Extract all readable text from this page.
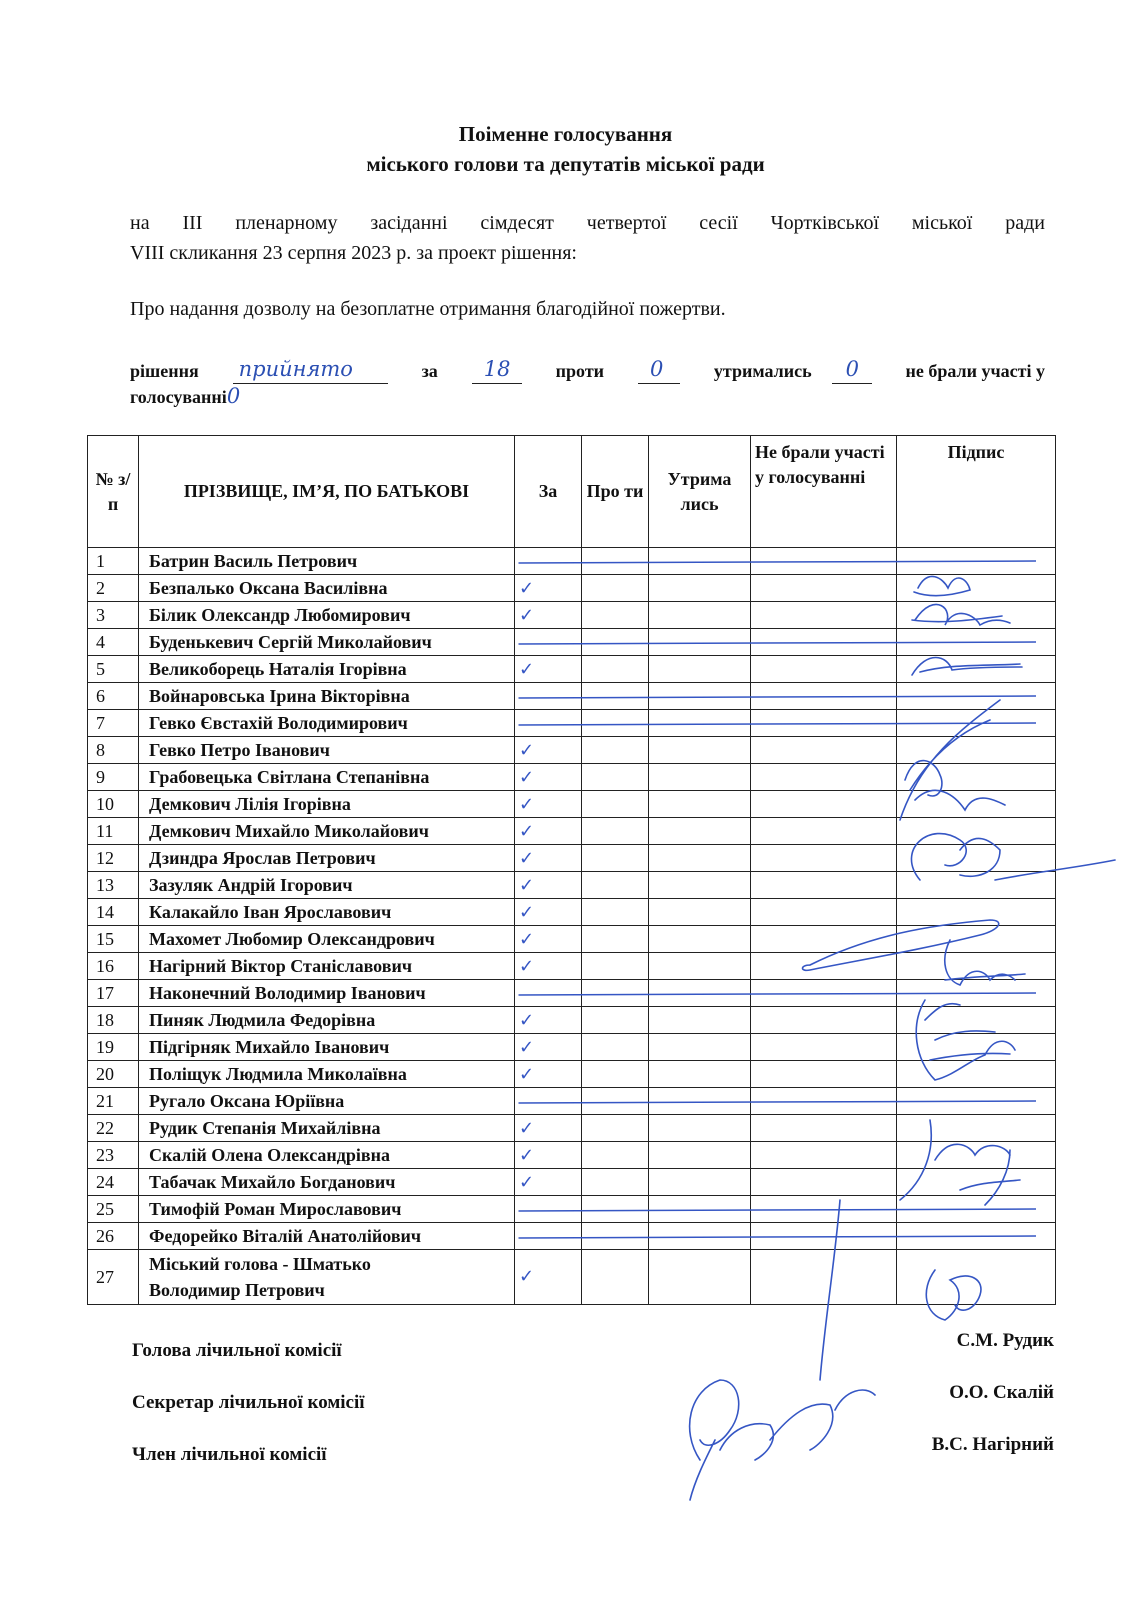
Поіменне голосування
міського голови та депутатів міської ради
на ІІІ пленарному засіданні сімдесят четвертої сесії Чортківської міської ради
VІІІ скликання 23 серпня 2023 р. за проект рішення:
Про надання дозволу на безоплатне отримання благодійної пожертви.
рішення прийнято	за 18	проти 0	утримались 0	не брали участі у
голосуванні 0
№ з/п	ПРІЗВИЩЕ, ІМ’Я, ПО БАТЬКОВІ	За	Про ти	Утрима лись	Не брали участі у голосуванні	Підпис
1	Батрин Василь Петрович					
2	Безпалько Оксана Василівна	✓				
3	Білик Олександр Любомирович	✓				
4	Буденькевич Сергій Миколайович					
5	Великоборець Наталія Ігорівна	✓				
6	Войнаровська Ірина Вікторівна					
7	Гевко Євстахій Володимирович					
8	Гевко Петро Іванович	✓				
9	Грабовецька Світлана Степанівна	✓				
10	Демкович Лілія Ігорівна	✓				
11	Демкович Михайло Миколайович	✓				
12	Дзиндра Ярослав Петрович	✓				
13	Зазуляк Андрій Ігорович	✓				
14	Калакайло Іван Ярославович	✓				
15	Махомет Любомир Олександрович	✓				
16	Нагірний Віктор Станіславович	✓				
17	Наконечний Володимир Іванович					
18	Пиняк Людмила Федорівна	✓				
19	Підгірняк Михайло Іванович	✓				
20	Поліщук Людмила Миколаївна	✓				
21	Ругало Оксана Юріївна					
22	Рудик Степанія Михайлівна	✓				
23	Скалій Олена Олександрівна	✓				
24	Табачак Михайло Богданович	✓				
25	Тимофій Роман Мирославович					
26	Федорейко Віталій Анатолійович					
27	Міський голова - Шматько
Володимир Петрович	✓				
Голова лічильної комісії	С.М. Рудик
Секретар лічильної комісії	О.О. Скалій
Член лічильної комісії	В.С. Нагірний
